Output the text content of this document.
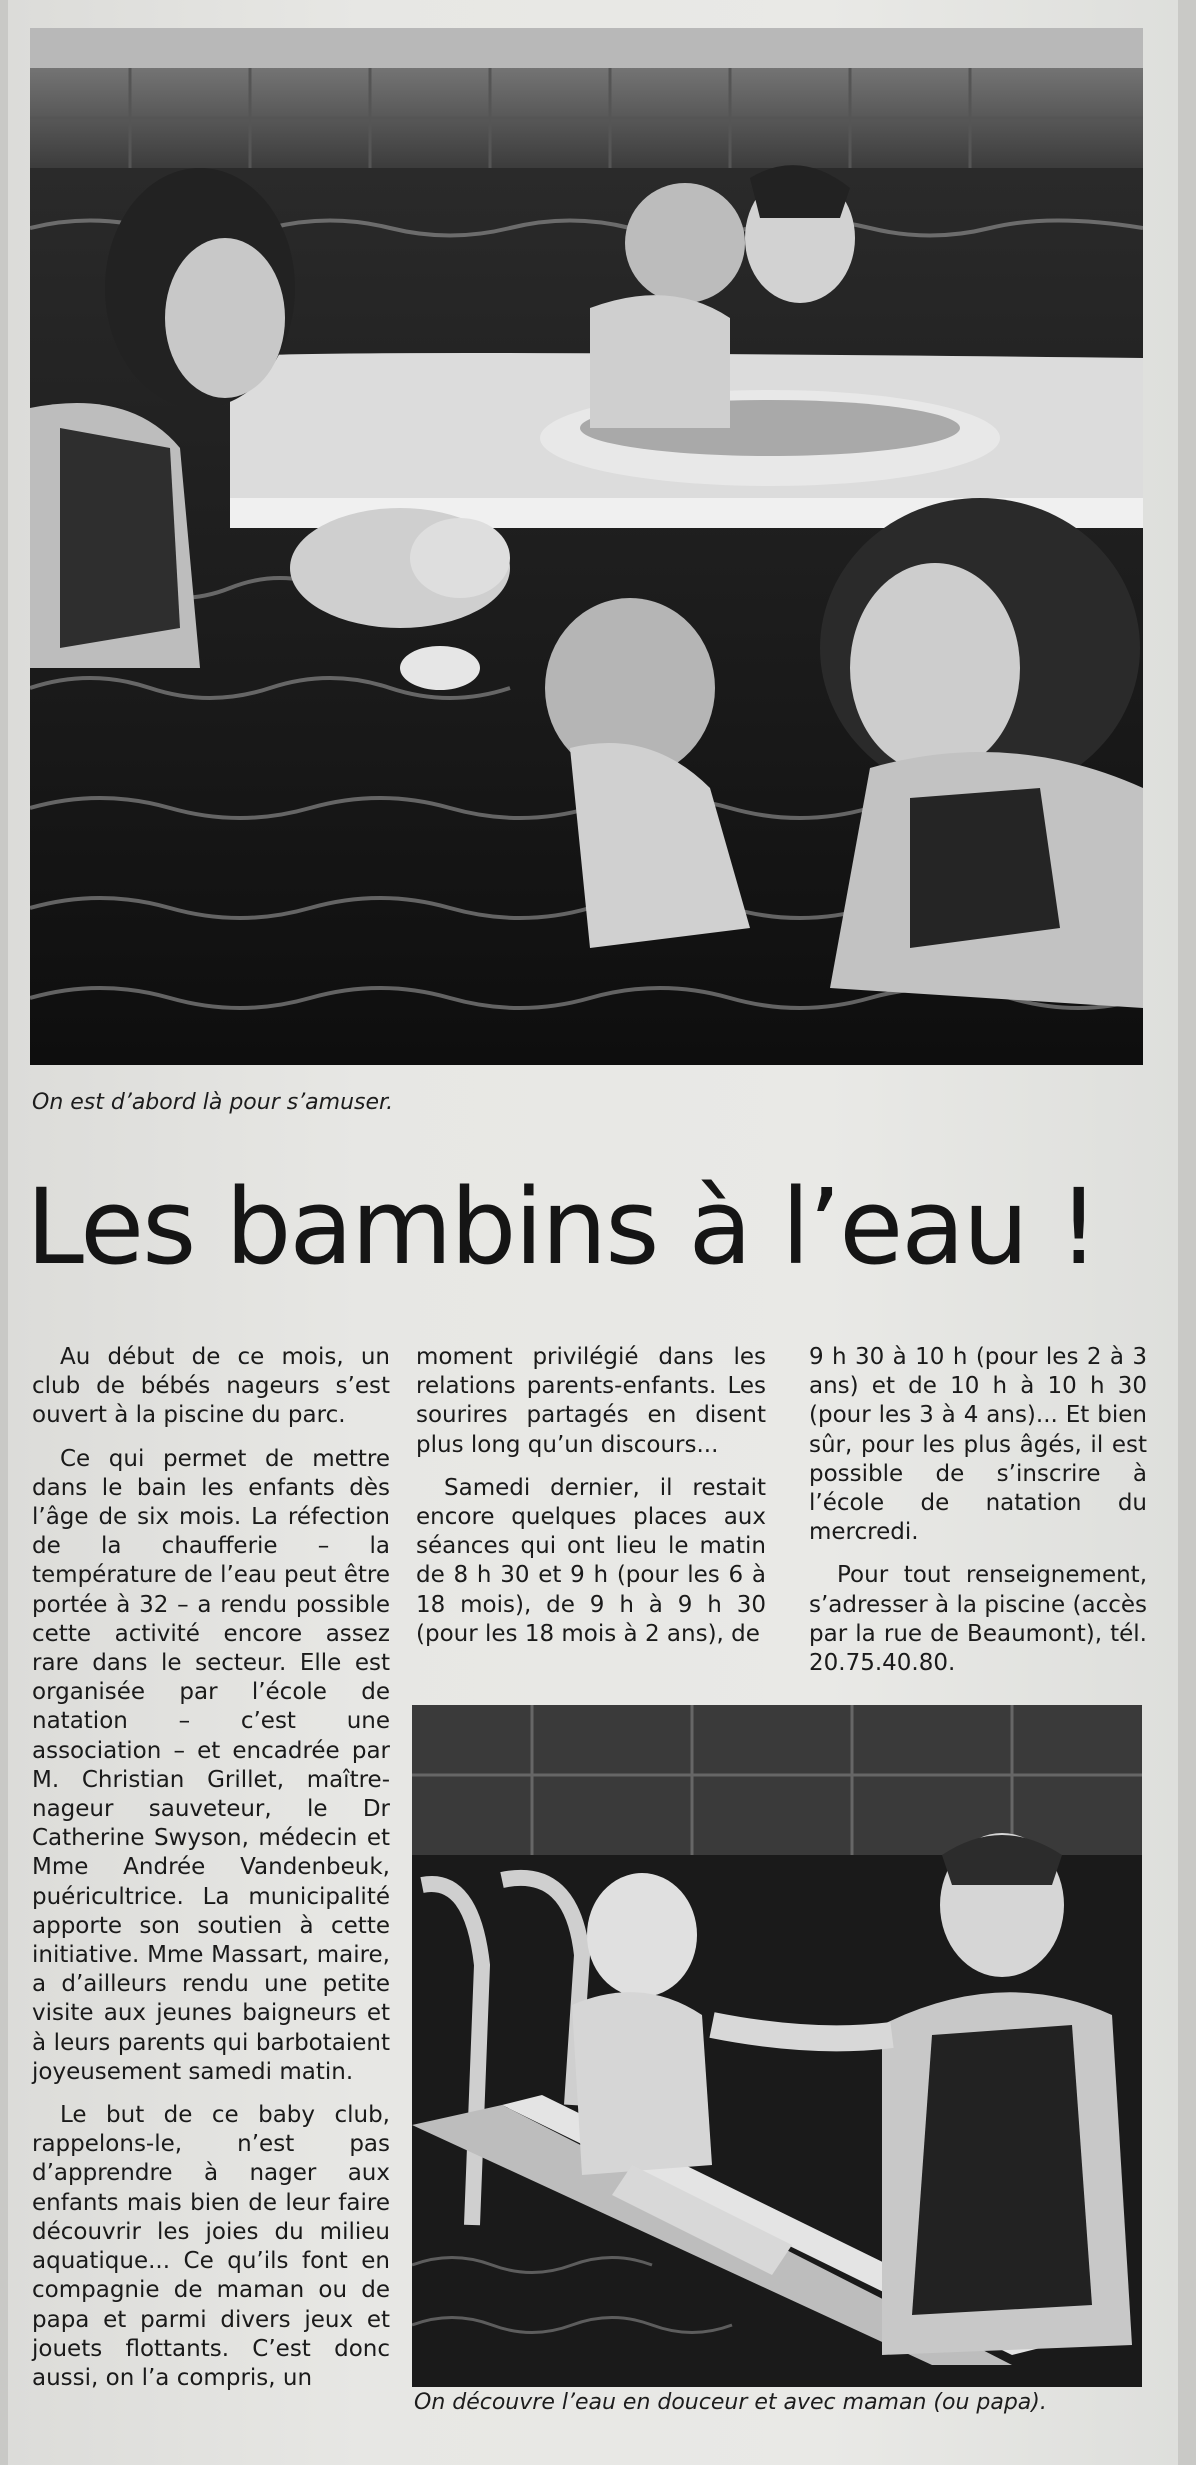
On est d’abord là pour s’amuser.
Les bambins à l’eau !

Au début de ce mois, un club de bébés nageurs s’est ouvert à la piscine du parc.

Ce qui permet de mettre dans le bain les enfants dès l’âge de six mois. La réfection de la chaufferie – la température de l’eau peut être portée à 32 – a rendu possible cette activité encore assez rare dans le secteur. Elle est organisée par l’école de natation – c’est une association – et encadrée par M. Christian Grillet, maître-nageur sauveteur, le Dr Catherine Swyson, médecin et Mme Andrée Vandenbeuk, puéricultrice. La municipalité apporte son soutien à cette initiative. Mme Massart, maire, a d’ailleurs rendu une petite visite aux jeunes baigneurs et à leurs parents qui barbotaient joyeusement samedi matin.

Le but de ce baby club, rappelons-le, n’est pas d’apprendre à nager aux enfants mais bien de leur faire découvrir les joies du milieu aquatique... Ce qu’ils font en compagnie de maman ou de papa et parmi divers jeux et jouets flottants. C’est donc aussi, on l’a compris, un

moment privilégié dans les relations parents-enfants. Les sourires partagés en disent plus long qu’un discours...

Samedi dernier, il restait encore quelques places aux séances qui ont lieu le matin de 8 h 30 et 9 h (pour les 6 à 18 mois), de 9 h à 9 h 30 (pour les 18 mois à 2 ans), de

9 h 30 à 10 h (pour les 2 à 3 ans) et de 10 h à 10 h 30 (pour les 3 à 4 ans)... Et bien sûr, pour les plus âgés, il est possible de s’inscrire à l’école de natation du mercredi.

Pour tout renseignement, s’adresser à la piscine (accès par la rue de Beaumont), tél. 20.75.40.80.

On découvre l’eau en douceur et avec maman (ou papa).
